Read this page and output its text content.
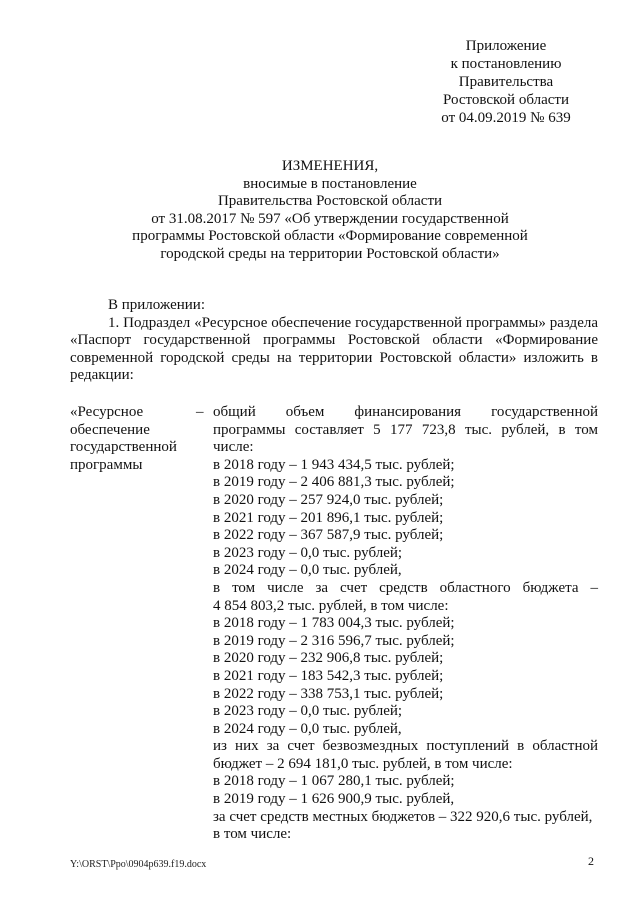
Приложение
к постановлению
Правительства
Ростовской области
от 04.09.2019 № 639
ИЗМЕНЕНИЯ,
вносимые в постановление
Правительства Ростовской области
от 31.08.2017 № 597 «Об утверждении государственной
программы Ростовской области «Формирование современной
городской среды на территории Ростовской области»
В приложении:
1. Подраздел «Ресурсное обеспечение государственной программы» раздела «Паспорт государственной программы Ростовской области «Формирование современной городской среды на территории Ростовской области» изложить в редакции:
«Ресурсное
обеспечение
государственной
программы
– общий объем финансирования государственной
программы составляет 5 177 723,8 тыс. рублей, в том
числе:
в 2018 году – 1 943 434,5 тыс. рублей;
в 2019 году – 2 406 881,3 тыс. рублей;
в 2020 году – 257 924,0 тыс. рублей;
в 2021 году – 201 896,1 тыс. рублей;
в 2022 году – 367 587,9 тыс. рублей;
в 2023 году – 0,0 тыс. рублей;
в 2024 году – 0,0 тыс. рублей,
в том числе за счет средств областного бюджета –
4 854 803,2 тыс. рублей, в том числе:
в 2018 году – 1 783 004,3 тыс. рублей;
в 2019 году – 2 316 596,7 тыс. рублей;
в 2020 году – 232 906,8 тыс. рублей;
в 2021 году – 183 542,3 тыс. рублей;
в 2022 году – 338 753,1 тыс. рублей;
в 2023 году – 0,0 тыс. рублей;
в 2024 году – 0,0 тыс. рублей,
из них за счет безвозмездных поступлений в областной
бюджет – 2 694 181,0 тыс. рублей, в том числе:
в 2018 году – 1 067 280,1 тыс. рублей;
в 2019 году – 1 626 900,9 тыс. рублей,
за счет средств местных бюджетов – 322 920,6 тыс. рублей,
в том числе:
Y:\ORST\Ppo\0904p639.f19.docx	2
